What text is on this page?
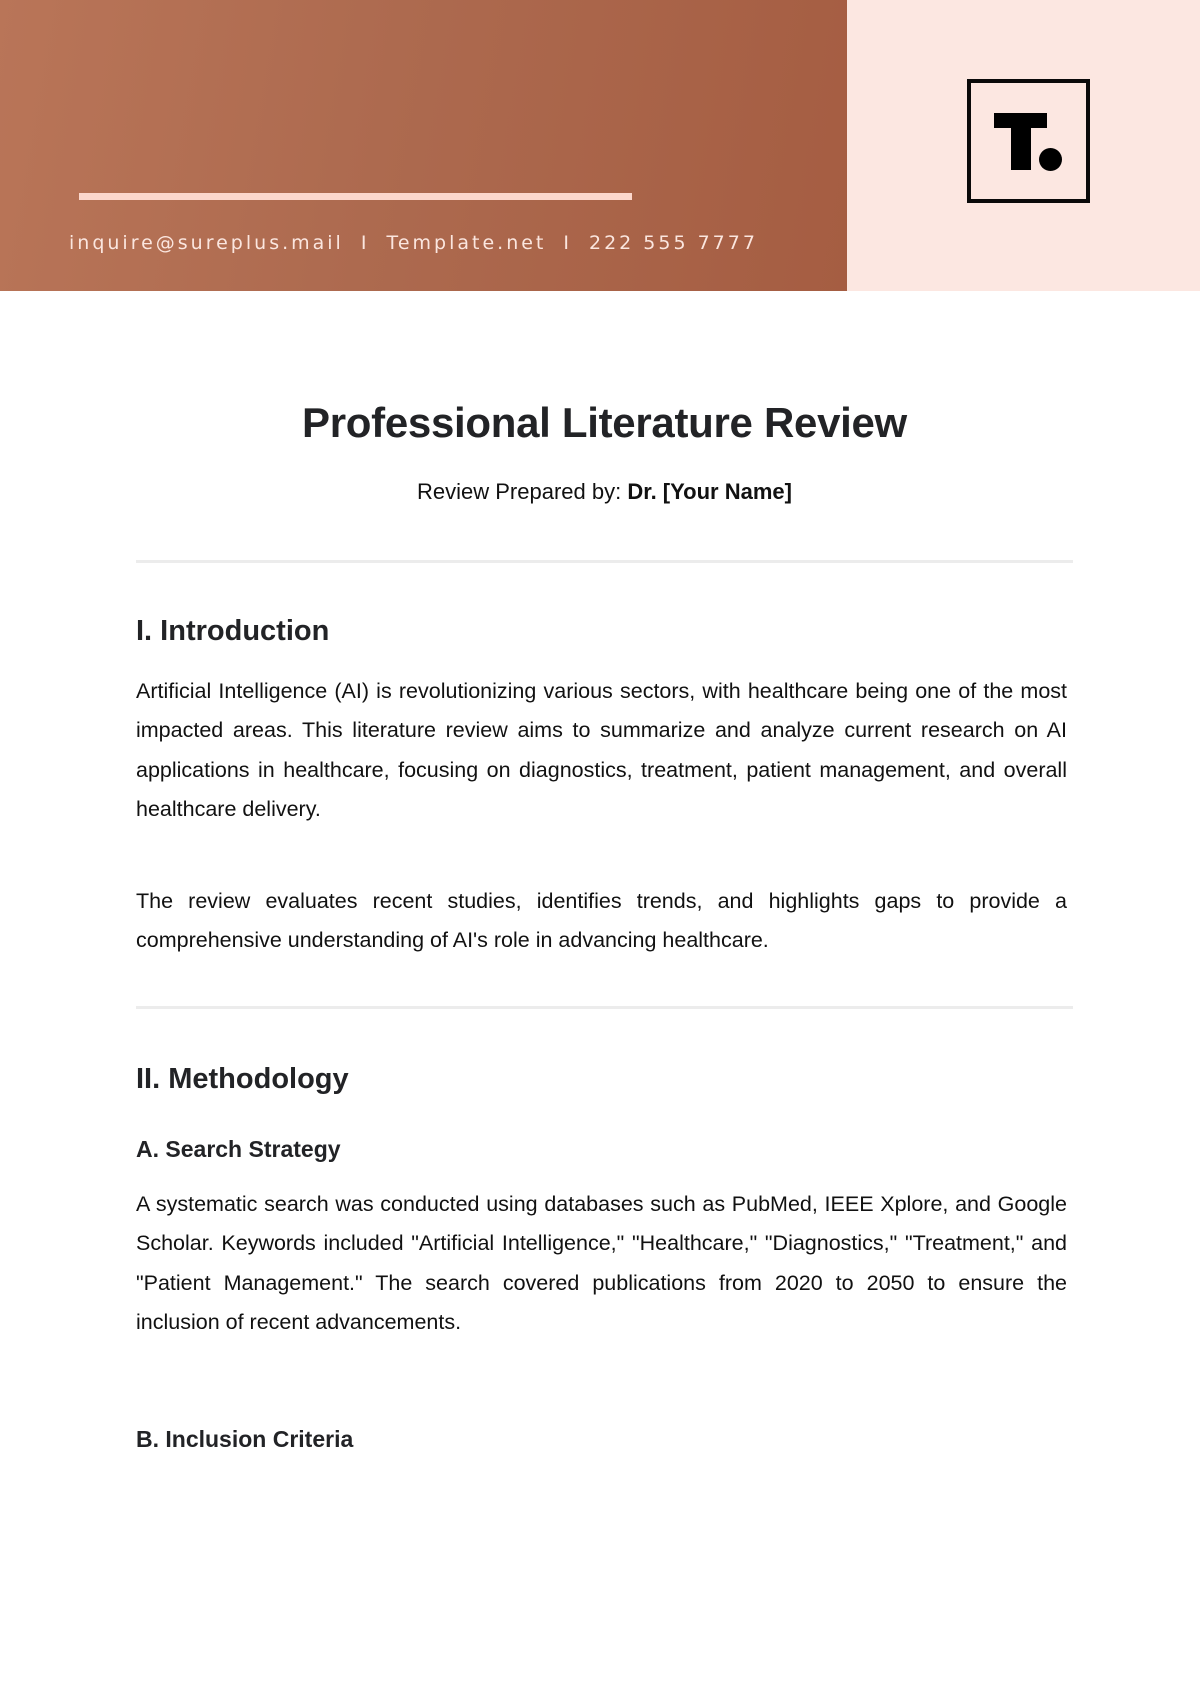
inquire@sureplus.mail I Template.net I 222 555 7777
Professional Literature Review
Review Prepared by: Dr. [Your Name]
I. Introduction

Artificial Intelligence (AI) is revolutionizing various sectors, with healthcare being one of the most impacted areas. This literature review aims to summarize and analyze current research on AI applications in healthcare, focusing on diagnostics, treatment, patient management, and overall healthcare delivery.

The review evaluates recent studies, identifies trends, and highlights gaps to provide a comprehensive understanding of AI's role in advancing healthcare.

II. Methodology
A. Search Strategy

A systematic search was conducted using databases such as PubMed, IEEE Xplore, and Google Scholar. Keywords included "Artificial Intelligence," "Healthcare," "Diagnostics," "Treatment," and "Patient Management." The search covered publications from 2020 to 2050 to ensure the inclusion of recent advancements.

B. Inclusion Criteria
